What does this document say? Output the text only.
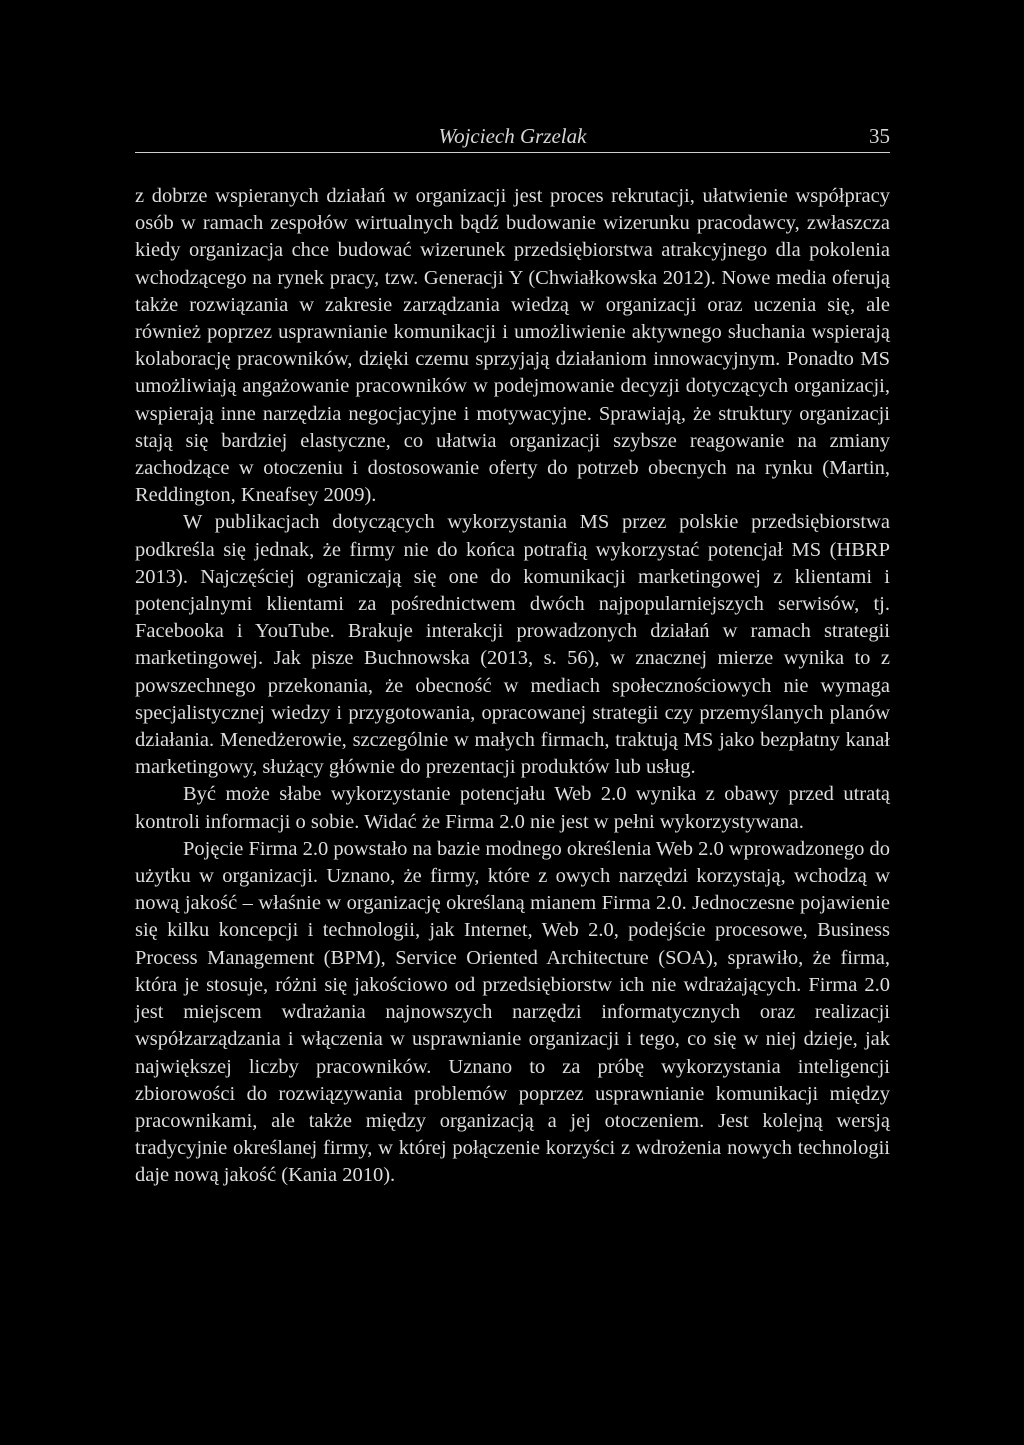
Wojciech Grzelak	35

z dobrze wspieranych działań w organizacji jest proces rekrutacji, ułatwienie współpracy osób w ramach zespołów wirtualnych bądź budowanie wizerunku pracodawcy, zwłaszcza kiedy organizacja chce budować wizerunek przedsiębiorstwa atrakcyjnego dla pokolenia wchodzącego na rynek pracy, tzw. Generacji Y (Chwiałkowska 2012). Nowe media oferują także rozwiązania w zakresie zarządzania wiedzą w organizacji oraz uczenia się, ale również poprzez usprawnianie komunikacji i umożliwienie aktywnego słuchania wspierają kolaborację pracowników, dzięki czemu sprzyjają działaniom innowacyjnym. Ponadto MS umożliwiają angażowanie pracowników w podejmowanie decyzji dotyczących organizacji, wspierają inne narzędzia negocjacyjne i motywacyjne. Sprawiają, że struktury organizacji stają się bardziej elastyczne, co ułatwia organizacji szybsze reagowanie na zmiany zachodzące w otoczeniu i dostosowanie oferty do potrzeb obecnych na rynku (Martin, Reddington, Kneafsey 2009).

W publikacjach dotyczących wykorzystania MS przez polskie przedsiębiorstwa podkreśla się jednak, że firmy nie do końca potrafią wykorzystać potencjał MS (HBRP 2013). Najczęściej ograniczają się one do komunikacji marketingowej z klientami i potencjalnymi klientami za pośrednictwem dwóch najpopularniejszych serwisów, tj. Facebooka i YouTube. Brakuje interakcji prowadzonych działań w ramach strategii marketingowej. Jak pisze Buchnowska (2013, s. 56), w znacznej mierze wynika to z powszechnego przekonania, że obecność w mediach społecznościowych nie wymaga specjalistycznej wiedzy i przygotowania, opracowanej strategii czy przemyślanych planów działania. Menedżerowie, szczególnie w małych firmach, traktują MS jako bezpłatny kanał marketingowy, służący głównie do prezentacji produktów lub usług.

Być może słabe wykorzystanie potencjału Web 2.0 wynika z obawy przed utratą kontroli informacji o sobie. Widać że Firma 2.0 nie jest w pełni wykorzystywana.

Pojęcie Firma 2.0 powstało na bazie modnego określenia Web 2.0 wprowadzonego do użytku w organizacji. Uznano, że firmy, które z owych narzędzi korzystają, wchodzą w nową jakość – właśnie w organizację określaną mianem Firma 2.0. Jednoczesne pojawienie się kilku koncepcji i technologii, jak Internet, Web 2.0, podejście procesowe, Business Process Management (BPM), Service Oriented Architecture (SOA), sprawiło, że firma, która je stosuje, różni się jakościowo od przedsiębiorstw ich nie wdrażających. Firma 2.0 jest miejscem wdrażania najnowszych narzędzi informatycznych oraz realizacji współzarządzania i włączenia w usprawnianie organizacji i tego, co się w niej dzieje, jak największej liczby pracowników. Uznano to za próbę wykorzystania inteligencji zbiorowości do rozwiązywania problemów poprzez usprawnianie komunikacji między pracownikami, ale także między organizacją a jej otoczeniem. Jest kolejną wersją tradycyjnie określanej firmy, w której połączenie korzyści z wdrożenia nowych technologii daje nową jakość (Kania 2010).
